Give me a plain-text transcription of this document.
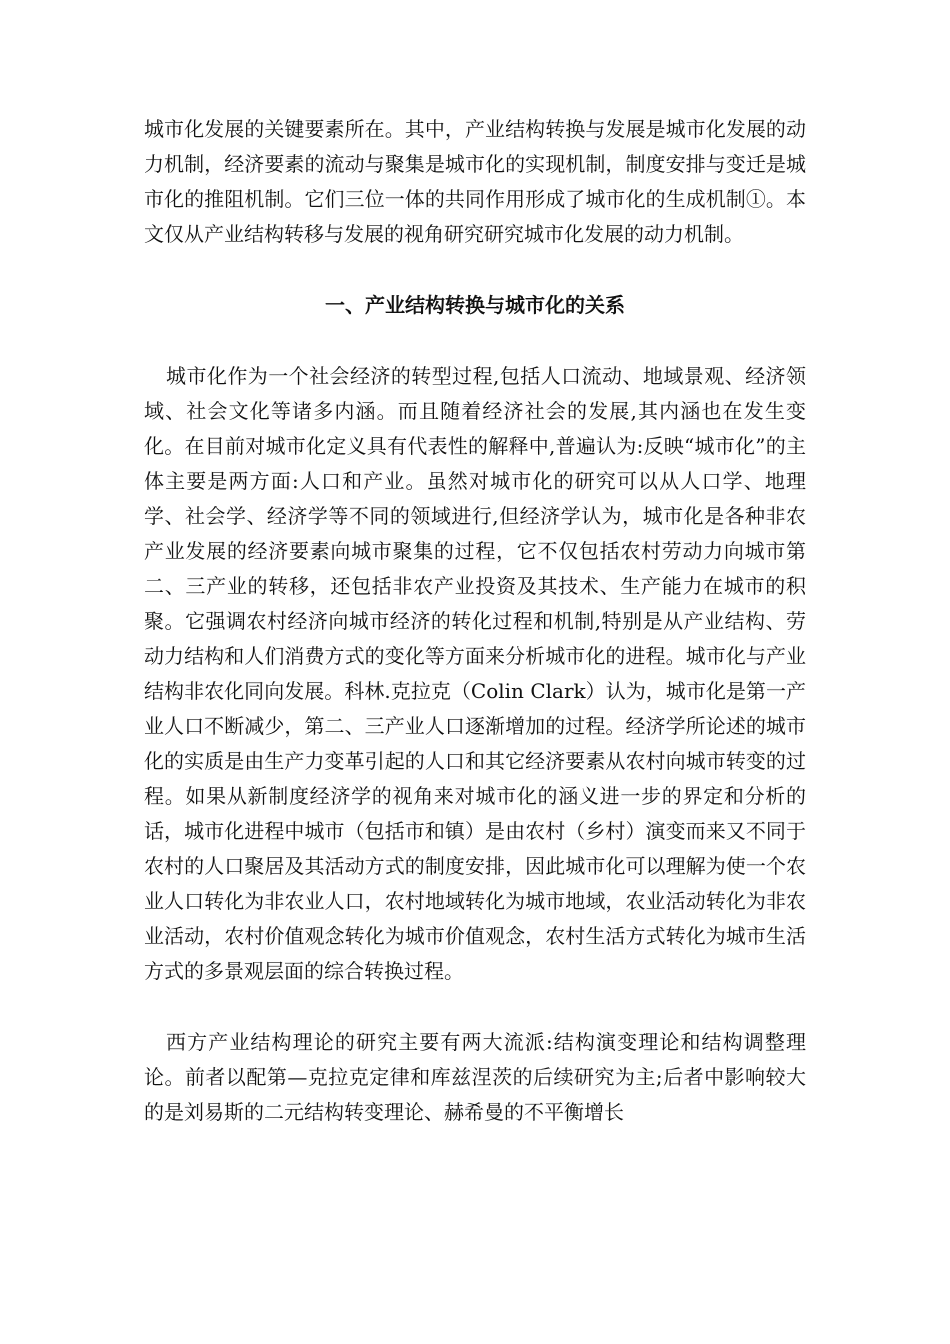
城市化发展的关键要素所在。其中，产业结构转换与发展是城市化发展的动力机制，经济要素的流动与聚集是城市化的实现机制，制度安排与变迁是城市化的推阻机制。它们三位一体的共同作用形成了城市化的生成机制①。本文仅从产业结构转移与发展的视角研究研究城市化发展的动力机制。

一、产业结构转换与城市化的关系

城市化作为一个社会经济的转型过程,包括人口流动、地域景观、经济领域、社会文化等诸多内涵。而且随着经济社会的发展,其内涵也在发生变化。在目前对城市化定义具有代表性的解释中,普遍认为:反映“城市化”的主体主要是两方面:人口和产业。虽然对城市化的研究可以从人口学、地理学、社会学、经济学等不同的领域进行,但经济学认为，城市化是各种非农产业发展的经济要素向城市聚集的过程，它不仅包括农村劳动力向城市第二、三产业的转移，还包括非农产业投资及其技术、生产能力在城市的积聚。它强调农村经济向城市经济的转化过程和机制,特别是从产业结构、劳动力结构和人们消费方式的变化等方面来分析城市化的进程。城市化与产业结构非农化同向发展。科林.克拉克（Colin Clark）认为，城市化是第一产业人口不断减少，第二、三产业人口逐渐增加的过程。经济学所论述的城市化的实质是由生产力变革引起的人口和其它经济要素从农村向城市转变的过程。如果从新制度经济学的视角来对城市化的涵义进一步的界定和分析的话，城市化进程中城市（包括市和镇）是由农村（乡村）演变而来又不同于农村的人口聚居及其活动方式的制度安排，因此城市化可以理解为使一个农业人口转化为非农业人口，农村地域转化为城市地域，农业活动转化为非农业活动，农村价值观念转化为城市价值观念，农村生活方式转化为城市生活方式的多景观层面的综合转换过程。

西方产业结构理论的研究主要有两大流派:结构演变理论和结构调整理论。前者以配第—克拉克定律和库兹涅茨的后续研究为主;后者中影响较大的是刘易斯的二元结构转变理论、赫希曼的不平衡增长
